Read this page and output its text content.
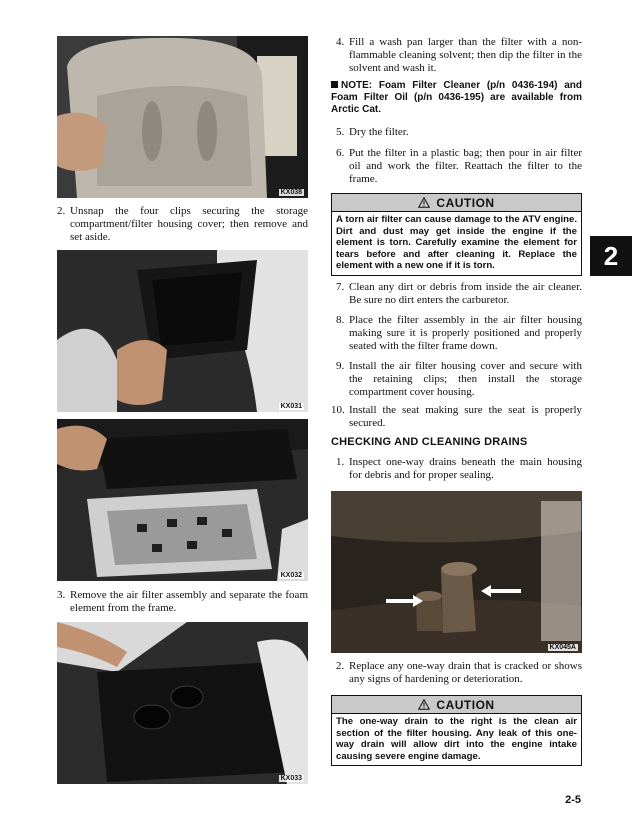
KX038
2. Unsnap the four clips securing the storage compartment/filter housing cover; then remove and set aside.
KX031
KX032
3. Remove the air filter assembly and separate the foam element from the frame.
KX033
4. Fill a wash pan larger than the filter with a non-flammable cleaning solvent; then dip the filter in the solvent and wash it.
NOTE: Foam Filter Cleaner (p/n 0436-194) and Foam Filter Oil (p/n 0436-195) are available from Arctic Cat.
5. Dry the filter.
6. Put the filter in a plastic bag; then pour in air filter oil and work the filter. Reattach the filter to the frame.
CAUTION
A torn air filter can cause damage to the ATV engine. Dirt and dust may get inside the engine if the element is torn. Carefully examine the element for tears before and after cleaning it. Replace the element with a new one if it is torn.
7. Clean any dirt or debris from inside the air cleaner. Be sure no dirt enters the carburetor.
8. Place the filter assembly in the air filter housing making sure it is properly positioned and properly seated with the filter frame down.
9. Install the air filter housing cover and secure with the retaining clips; then install the storage compartment cover housing.
10. Install the seat making sure the seat is properly secured.
CHECKING AND CLEANING DRAINS
1. Inspect one-way drains beneath the main housing for debris and for proper sealing.
KX045A
2. Replace any one-way drain that is cracked or shows any signs of hardening or deterioration.
CAUTION
The one-way drain to the right is the clean air section of the filter housing. Any leak of this one-way drain will allow dirt into the engine intake causing severe engine damage.
2
2-5
